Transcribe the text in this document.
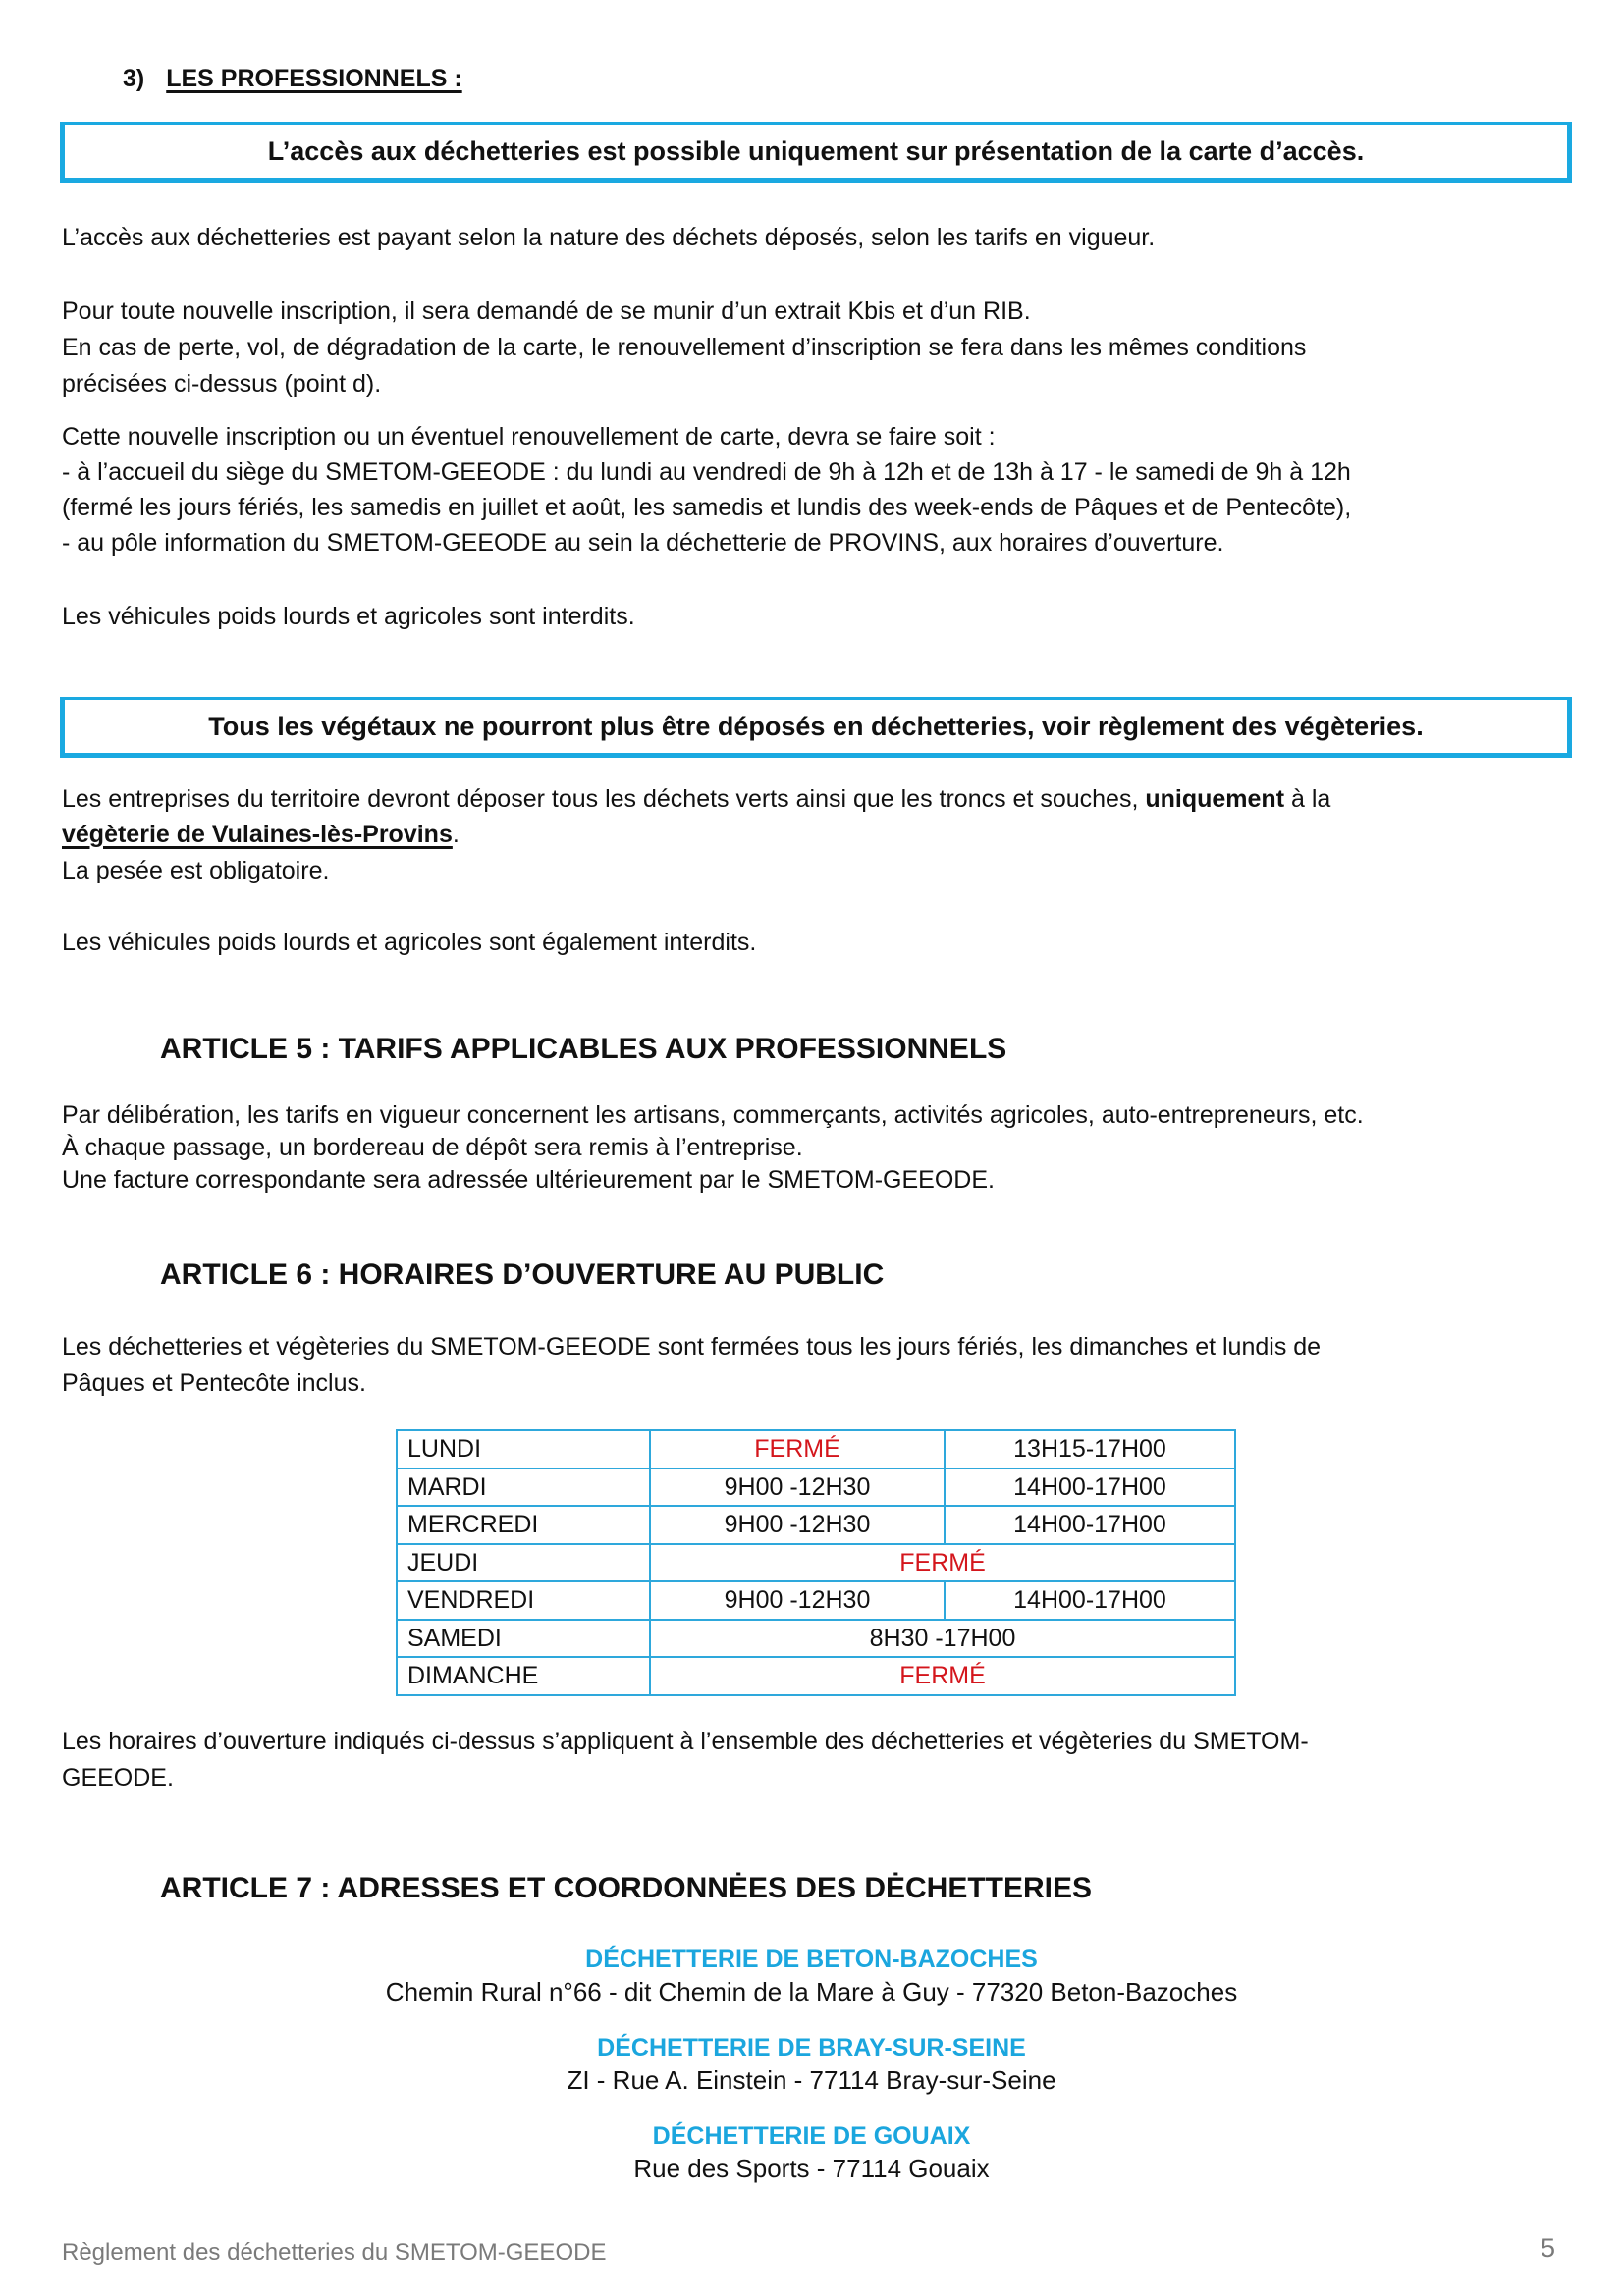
3) LES PROFESSIONNELS :
L’accès aux déchetteries est possible uniquement sur présentation de la carte d’accès.
L’accès aux déchetteries est payant selon la nature des déchets déposés, selon les tarifs en vigueur.
Pour toute nouvelle inscription, il sera demandé de se munir d’un extrait Kbis et d’un RIB.
En cas de perte, vol, de dégradation de la carte, le renouvellement d’inscription se fera dans les mêmes conditions
précisées ci-dessus (point d).
Cette nouvelle inscription ou un éventuel renouvellement de carte, devra se faire soit :
- à l’accueil du siège du SMETOM-GEEODE : du lundi au vendredi de 9h à 12h et de 13h à 17 - le samedi de 9h à 12h
(fermé les jours fériés, les samedis en juillet et août, les samedis et lundis des week-ends de Pâques et de Pentecôte),
- au pôle information du SMETOM-GEEODE au sein la déchetterie de PROVINS, aux horaires d’ouverture.
Les véhicules poids lourds et agricoles sont interdits.
Tous les végétaux ne pourront plus être déposés en déchetteries, voir règlement des végèteries.
Les entreprises du territoire devront déposer tous les déchets verts ainsi que les troncs et souches, uniquement à la
végèterie de Vulaines-lès-Provins.
La pesée est obligatoire.
Les véhicules poids lourds et agricoles sont également interdits.
ARTICLE 5 : TARIFS APPLICABLES AUX PROFESSIONNELS
Par délibération, les tarifs en vigueur concernent les artisans, commerçants, activités agricoles, auto-entrepreneurs, etc.
À chaque passage, un bordereau de dépôt sera remis à l’entreprise.
Une facture correspondante sera adressée ultérieurement par le SMETOM-GEEODE.
ARTICLE 6 : HORAIRES D’OUVERTURE AU PUBLIC
Les déchetteries et végèteries du SMETOM-GEEODE sont fermées tous les jours fériés, les dimanches et lundis de
Pâques et Pentecôte inclus.
LUNDI	FERMÉ	13H15-17H00
MARDI	9H00 -12H30	14H00-17H00
MERCREDI	9H00 -12H30	14H00-17H00
JEUDI	FERMÉ	
VENDREDI	9H00 -12H30	14H00-17H00
SAMEDI	8H30 -17H00	
DIMANCHE	FERMÉ	
Les horaires d’ouverture indiqués ci-dessus s’appliquent à l’ensemble des déchetteries et végèteries du SMETOM-
GEEODE.
ARTICLE 7 : ADRESSES ET COORDONNĖES DES DĖCHETTERIES
DÉCHETTERIE DE BETON-BAZOCHES
Chemin Rural n°66 - dit Chemin de la Mare à Guy - 77320 Beton-Bazoches
DÉCHETTERIE DE BRAY-SUR-SEINE
ZI - Rue A. Einstein - 77114 Bray-sur-Seine
DÉCHETTERIE DE GOUAIX
Rue des Sports - 77114 Gouaix
Règlement des déchetteries du SMETOM-GEEODE	5
